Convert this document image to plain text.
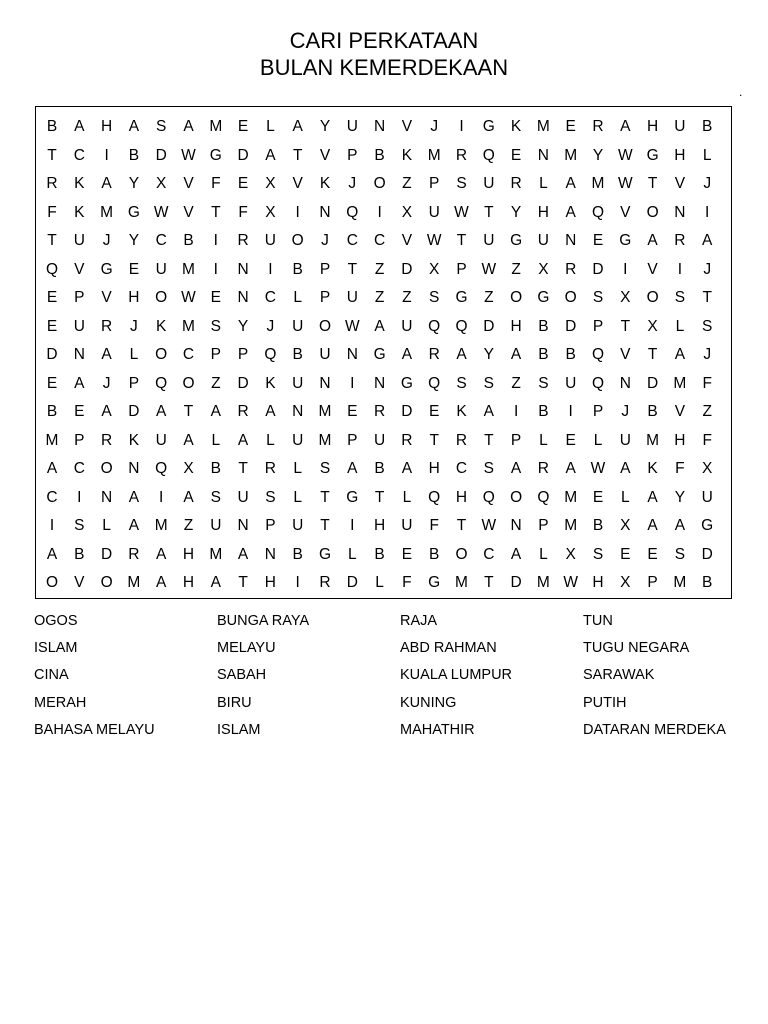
CARI PERKATAAN
BULAN KEMERDEKAAN
.
B	A	H	A	S	A	M	E	L	A	Y	U	N	V	J	I	G	K	M	E	R	A	H	U	B
T	C	I	B	D W G	D	A	T	V	P	B	K	M R	Q	E	N M	Y W G	H	L
R	K	A	Y	X	V	F	E	X	V	K	J	O	Z	P	S	U	R	L	A	M W T	V	J
F	K	M G W V	T	F	X	I	N	Q	I	X	U W T	Y	H	A	Q	V	O	N	I
T	U	J	Y	C	B	I	R	U	O	J	C	C	V W T	U	G	U	N	E	G	A	R	A
Q	V	G	E	U M	I	N	I	B	P	T	Z	D	X	P W Z	X	R	D	I	V	I	J
E	P	V	H	O W E	N	C	L	P	U	Z	Z	S	G	Z	O G O	S	X	O	S	T
E	U	R	J	K	M	S	Y	J	U	O W A	U	Q Q	D	H	B	D	P	T	X	L	S
D	N	A	L	O	C	P	P	Q	B	U	N	G	A	R	A	Y	A	B	B	Q	V	T	A	J
E	A	J	P	Q O	Z	D	K	U	N	I	N	G Q	S	S	Z	S	U	Q	N	D M	F
B	E	A	D	A	T	A	R	A	N M	E	R	D	E	K	A	I	B	I	P	J	B	V	Z
M	P	R	K	U	A	L	A	L	U M	P	U	R	T	R	T	P	L	E	L	U M H	F
A	C	O	N	Q	X	B	T	R	L	S	A	B	A	H	C	S	A	R	A W A	K	F	X
C	I	N	A	I	A	S	U	S	L	T	G	T	L	Q	H	Q O Q M	E	L	A	Y	U
I	S	L	A	M	Z	U	N	P	U	T	I	H	U	F	T W N	P	M	B	X	A	A	G
A	B	D	R	A	H M	A	N	B	G	L	B	E	B	O	C	A	L	X	S	E	E	S	D
O	V	O M	A	H	A	T	H	I	R	D	L	F	G M	T	D M W H	X	P	M	B
OGOS
ISLAM
CINA
MERAH
BAHASA MELAYU
BUNGA RAYA
MELAYU
SABAH
BIRU
ISLAM
RAJA
ABD RAHMAN
KUALA LUMPUR
KUNING
MAHATHIR
TUN
TUGU NEGARA
SARAWAK
PUTIH
DATARAN MERDEKA
